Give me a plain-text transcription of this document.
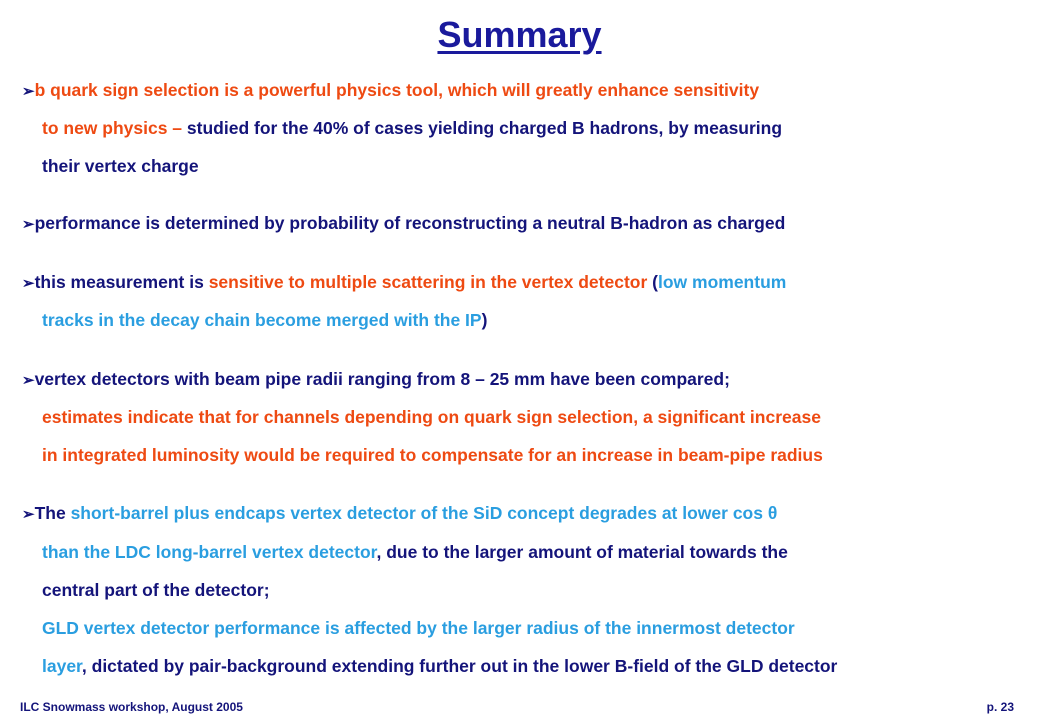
Summary
➢b quark sign selection is a powerful physics tool, which will greatly enhance sensitivity
to new physics – studied for the 40% of cases yielding charged B hadrons, by measuring
their vertex charge
➢performance is determined by probability of reconstructing a neutral B-hadron as charged
➢this measurement is sensitive to multiple scattering in the vertex detector (low momentum
tracks in the decay chain become merged with the IP)
➢vertex detectors with beam pipe radii ranging from 8 – 25 mm have been compared;
estimates indicate that for channels depending on quark sign selection, a significant increase
in integrated luminosity would be required to compensate for an increase in beam-pipe radius
➢The short-barrel plus endcaps vertex detector of the SiD concept degrades at lower cos θ
than the LDC long-barrel vertex detector, due to the larger amount of material towards the
central part of the detector;
GLD vertex detector performance is affected by the larger radius of the innermost detector
layer, dictated by pair-background extending further out in the lower B-field of the GLD detector
ILC Snowmass workshop, August 2005	p. 23
